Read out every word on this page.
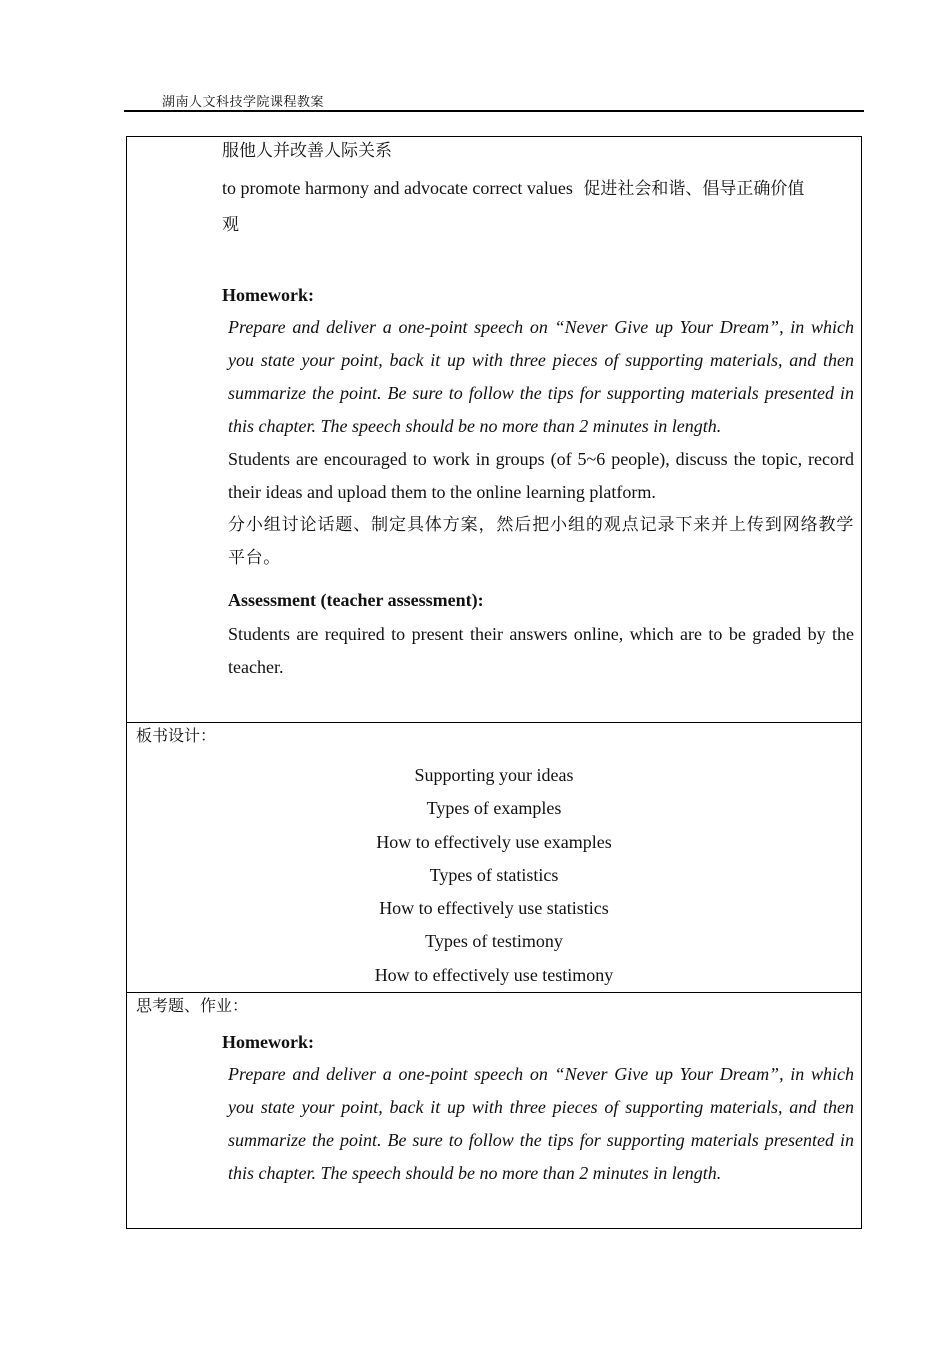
湖南人文科技学院课程教案
服他人并改善人际关系
to promote harmony and advocate correct values 促进社会和谐、倡导正确价值
观
Homework:
Prepare and deliver a one-point speech on “Never Give up Your Dream”, in which you state your point, back it up with three pieces of supporting materials, and then summarize the point. Be sure to follow the tips for supporting materials presented in this chapter. The speech should be no more than 2 minutes in length.
Students are encouraged to work in groups (of 5~6 people), discuss the topic, record their ideas and upload them to the online learning platform.
分小组讨论话题、制定具体方案，然后把小组的观点记录下来并上传到网络教学平台。
Assessment (teacher assessment):
Students are required to present their answers online, which are to be graded by the teacher.
板书设计：
Supporting your ideas
Types of examples
How to effectively use examples
Types of statistics
How to effectively use statistics
Types of testimony
How to effectively use testimony
思考题、作业：
Homework:
Prepare and deliver a one-point speech on “Never Give up Your Dream”, in which you state your point, back it up with three pieces of supporting materials, and then summarize the point. Be sure to follow the tips for supporting materials presented in this chapter. The speech should be no more than 2 minutes in length.
